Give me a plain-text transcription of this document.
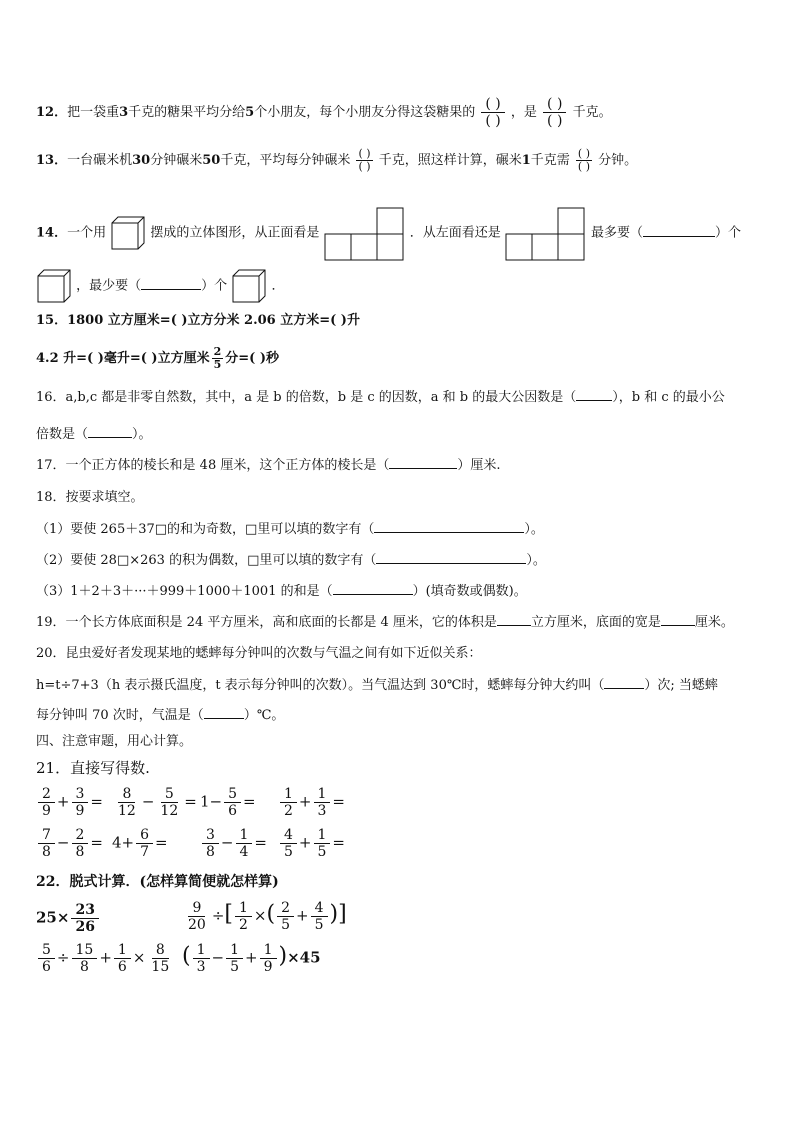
12．把一袋重3千克的糖果平均分给5个小朋友，每个小朋友分得这袋糖果的
( )
( )
，是
( )
( )
千克。
13．一台碾米机30分钟碾米50千克，平均每分钟碾米 $\frac{( )}{( )}$ 千克，照这样计算，碾米1千克需 $\frac{( )}{( )}$ 分钟。
14．一个用	摆成的立体图形，从正面看是	．从左面看还是	最多要（	）个
，最少要（	）个	．
15．1800 立方厘米=( )立方分米 2.06 立方米=( )升
4.2 升=( )毫升=( )立方厘米 $\frac{2}{5}$ 分=( )秒
16．a,b,c 都是非零自然数，其中，a 是 b 的倍数，b 是 c 的因数，a 和 b 的最大公因数是（	），b 和 c 的最小公
倍数是（	）。
17．一个正方体的棱长和是 48 厘米，这个正方体的棱长是（	）厘米.
18．按要求填空。
（1）要使 265＋37□的和为奇数，□里可以填的数字有（	）。
（2）要使 28□×263 的积为偶数，□里可以填的数字有（	）。
（3）1＋2＋3＋···＋999＋1000＋1001 的和是（	）(填奇数或偶数)。
19．一个长方体底面积是 24 平方厘米，高和底面的长都是 4 厘米，它的体积是	立方厘米，底面的宽是	厘米。
20．昆虫爱好者发现某地的蟋蟀每分钟叫的次数与气温之间有如下近似关系：
h=t÷7+3（h 表示摄氏温度，t 表示每分钟叫的次数）。当气温达到 30℃时，蟋蟀每分钟大约叫（	）次; 当蟋蟀
每分钟叫 70 次时，气温是（	）℃。
四、注意审题，用心计算。
21．直接写得数.
$\frac{2}{9} + \frac{3}{9} = \frac{8}{12} - \frac{5}{12} = 1- \frac{5}{6} = \frac{1}{2} + \frac{1}{3}$ =
$\frac{7}{8} - \frac{2}{8} = 4+ \frac{6}{7} = \frac{3}{8} - \frac{1}{4} = \frac{4}{5} + \frac{1}{5}$ =
22．脱式计算．(怎样算简便就怎样算)
$25\times \frac{23}{26}$	$\frac{9}{20}$ ÷[ $\frac{1}{2}$ ×( $\frac{2}{5} + \frac{4}{5}$ )]
$\frac{5}{6} \div \frac{15}{8} + \frac{1}{6} \times \frac{8}{15}$ ( $\frac{1}{3} - \frac{1}{5} + \frac{1}{9} )\times 45$
